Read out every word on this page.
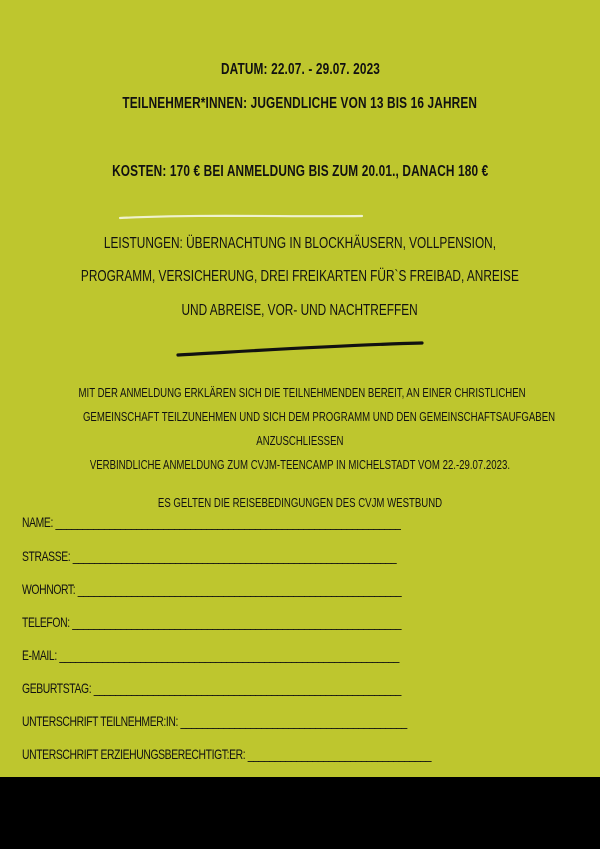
DATUM: 22.07. - 29.07. 2023
TEILNEHMER*INNEN: JUGENDLICHE VON 13 BIS 16 JAHREN
KOSTEN: 170 € BEI ANMELDUNG BIS ZUM 20.01., DANACH 180 €
LEISTUNGEN: ÜBERNACHTUNG IN BLOCKHÄUSERN, VOLLPENSION,
PROGRAMM, VERSICHERUNG, DREI FREIKARTEN FÜR`S FREIBAD, ANREISE
UND ABREISE, VOR- UND NACHTREFFEN
MIT DER ANMELDUNG ERKLÄREN SICH DIE TEILNEHMENDEN BEREIT, AN EINER CHRISTLICHEN
GEMEINSCHAFT TEILZUNEHMEN UND SICH DEM PROGRAMM UND DEN GEMEINSCHAFTSAUFGABEN
ANZUSCHLIESSEN
VERBINDLICHE ANMELDUNG ZUM CVJM-TEENCAMP IN MICHELSTADT VOM 22.-29.07.2023.
ES GELTEN DIE REISEBEDINGUNGEN DES CVJM WESTBUND
NAME: ________________________________________________________________
STRASSE: ____________________________________________________________
WOHNORT: ____________________________________________________________
TELEFON: _____________________________________________________________
E-MAIL: _______________________________________________________________
GEBURTSTAG: _________________________________________________________
UNTERSCHRIFT TEILNEHMER:IN: __________________________________________
UNTERSCHRIFT ERZIEHUNGSBERECHTIGT:ER: __________________________________
